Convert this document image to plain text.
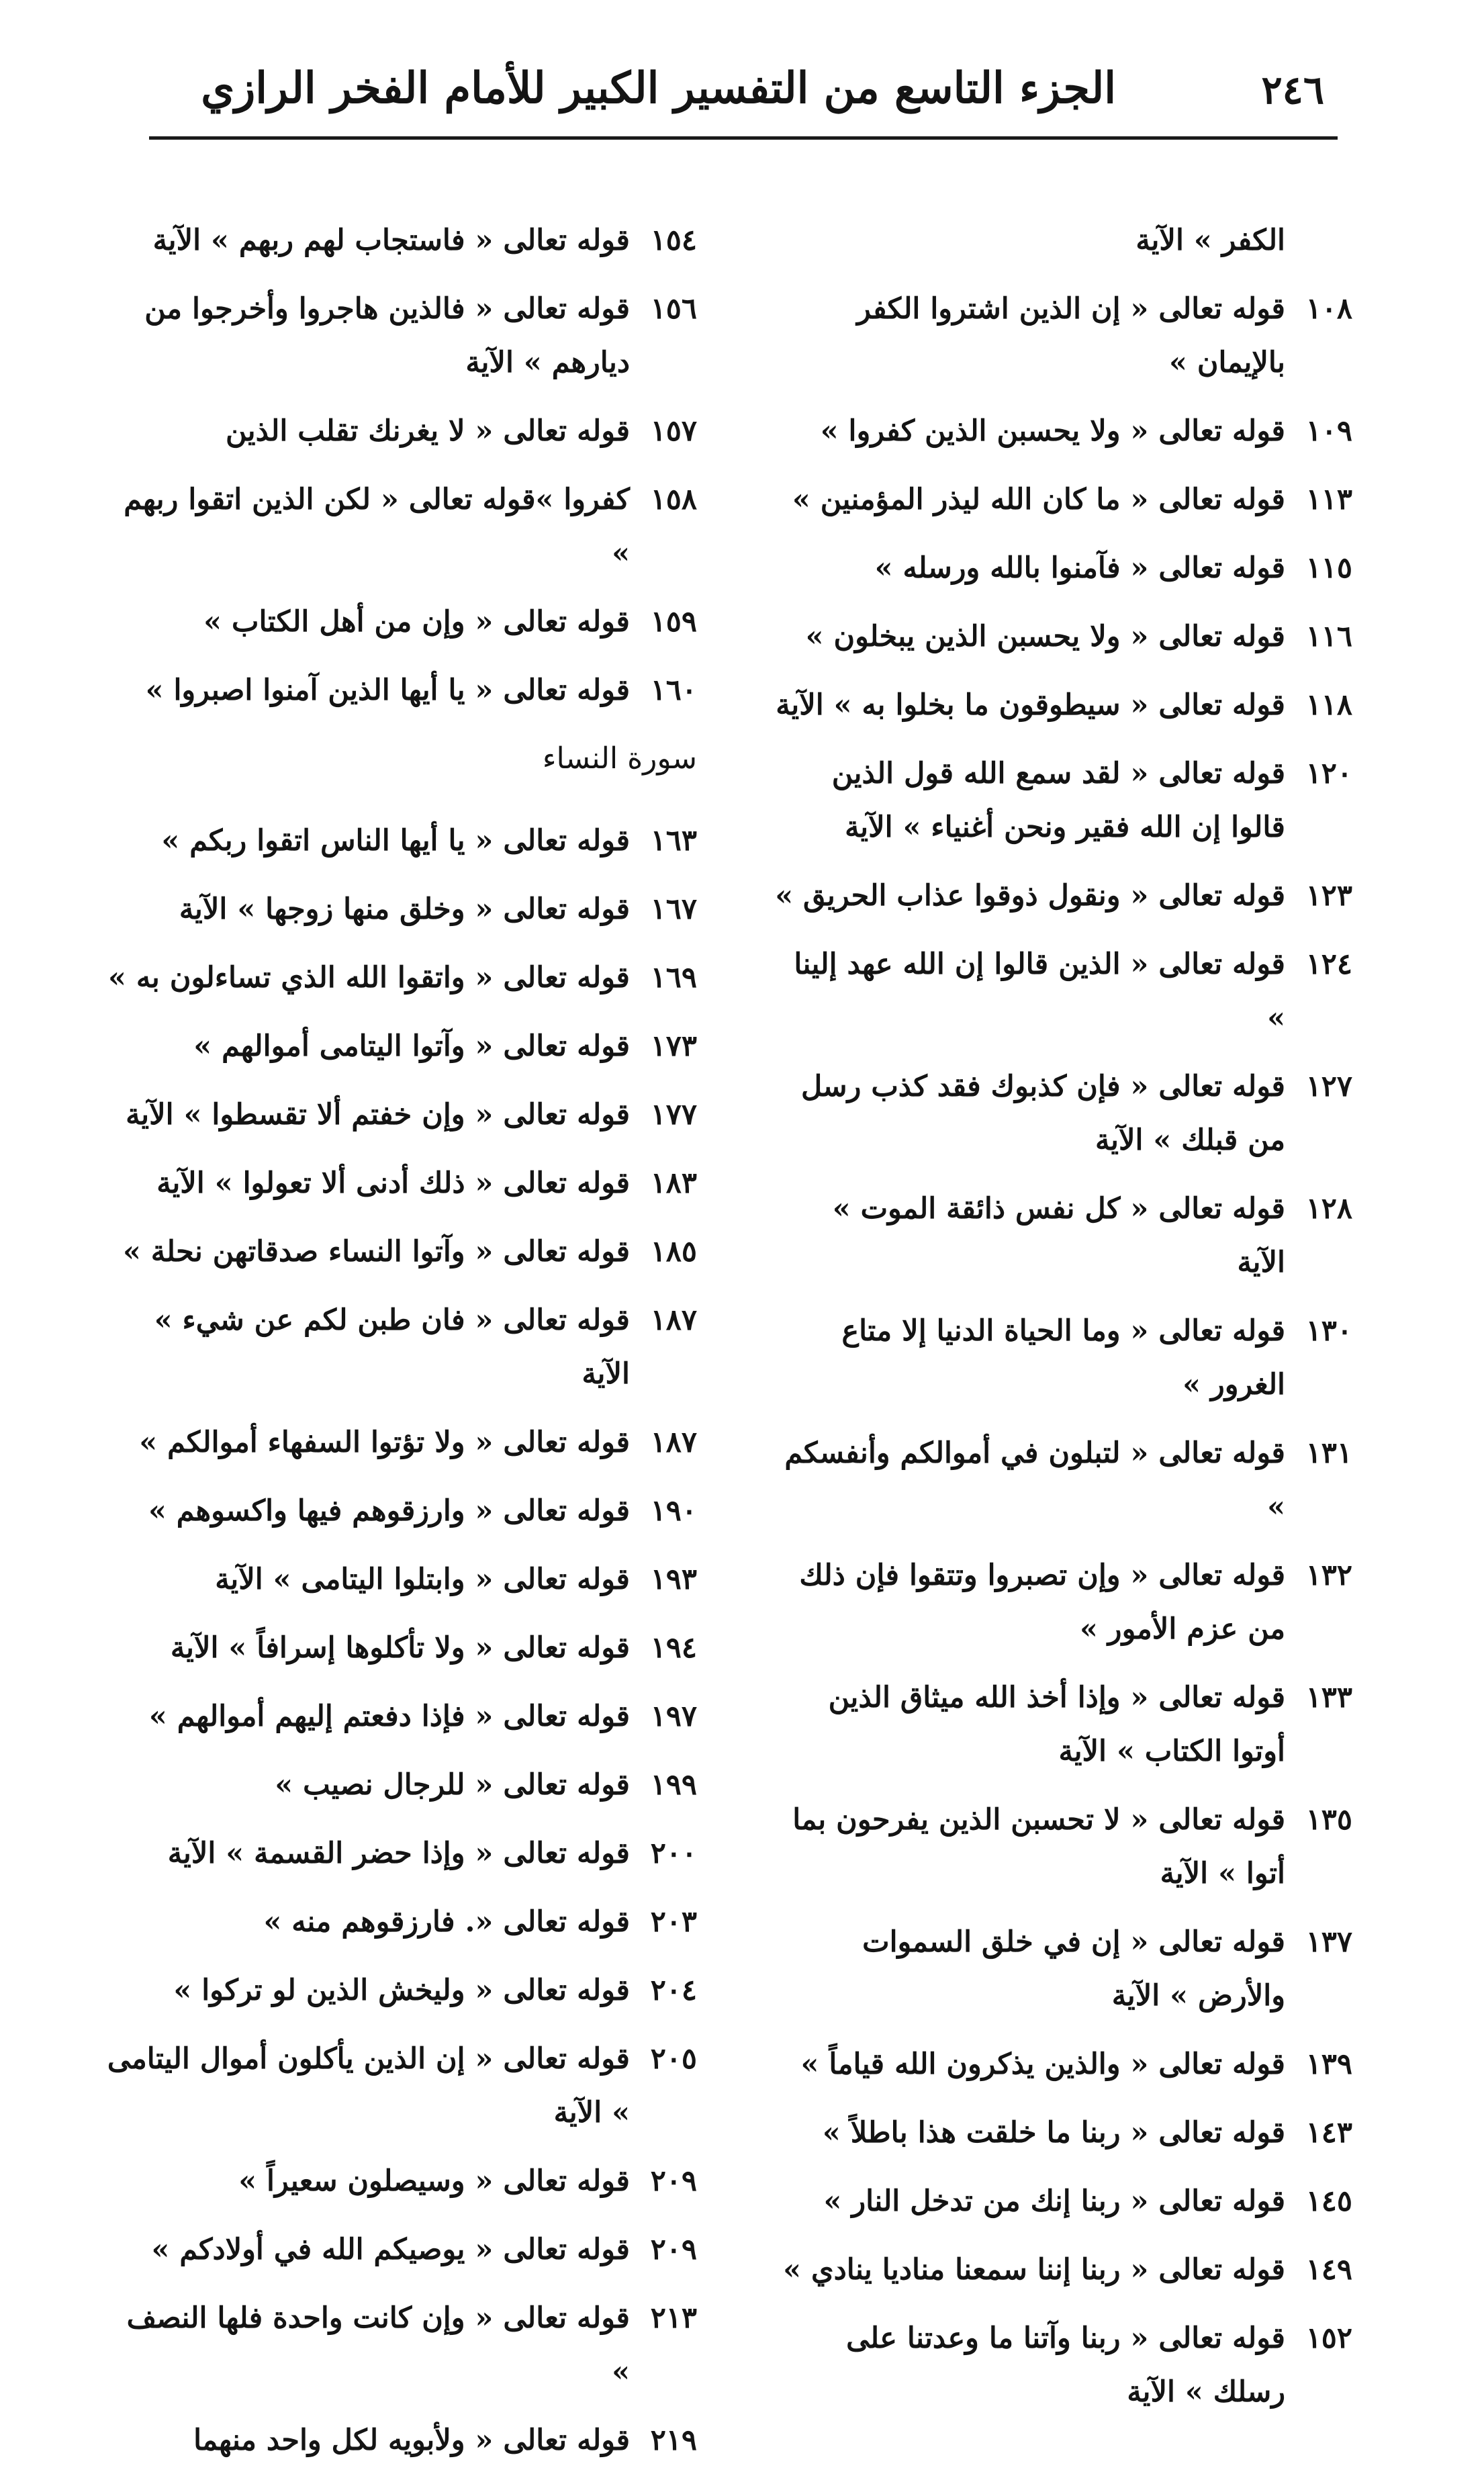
٢٤٦
الجزء التاسع من التفسير الكبير للأمام الفخر الرازي
الكفر » الآية
١٠٨
قوله تعالى « إن الذين اشتروا الكفر بالإيمان »
١٠٩
قوله تعالى « ولا يحسبن الذين كفروا »
١١٣
قوله تعالى « ما كان الله ليذر المؤمنين »
١١٥
قوله تعالى « فآمنوا بالله ورسله »
١١٦
قوله تعالى « ولا يحسبن الذين يبخلون »
١١٨
قوله تعالى « سيطوقون ما بخلوا به » الآية
١٢٠
قوله تعالى « لقد سمع الله قول الذين قالوا إن الله فقير ونحن أغنياء » الآية
١٢٣
قوله تعالى « ونقول ذوقوا عذاب الحريق »
١٢٤
قوله تعالى « الذين قالوا إن الله عهد إلينا »
١٢٧
قوله تعالى « فإن كذبوك فقد كذب رسل من قبلك » الآية
١٢٨
قوله تعالى « كل نفس ذائقة الموت » الآية
١٣٠
قوله تعالى « وما الحياة الدنيا إلا متاع الغرور »
١٣١
قوله تعالى « لتبلون في أموالكم وأنفسكم »
١٣٢
قوله تعالى « وإن تصبروا وتتقوا فإن ذلك من عزم الأمور »
١٣٣
قوله تعالى « وإذا أخذ الله ميثاق الذين أوتوا الكتاب » الآية
١٣٥
قوله تعالى « لا تحسبن الذين يفرحون بما أتوا » الآية
١٣٧
قوله تعالى « إن في خلق السموات والأرض » الآية
١٣٩
قوله تعالى « والذين يذكرون الله قياماً »
١٤٣
قوله تعالى « ربنا ما خلقت هذا باطلاً »
١٤٥
قوله تعالى « ربنا إنك من تدخل النار »
١٤٩
قوله تعالى « ربنا إننا سمعنا مناديا ينادي »
١٥٢
قوله تعالى « ربنا وآتنا ما وعدتنا على رسلك » الآية
١٥٤
قوله تعالى « فاستجاب لهم ربهم » الآية
١٥٦
قوله تعالى « فالذين هاجروا وأخرجوا من ديارهم » الآية
١٥٧
قوله تعالى « لا يغرنك تقلب الذين
١٥٨
كفروا »قوله تعالى « لكن الذين اتقوا ربهم »
١٥٩
قوله تعالى « وإن من أهل الكتاب »
١٦٠
قوله تعالى « يا أيها الذين آمنوا اصبروا »
سورة النساء
١٦٣
قوله تعالى « يا أيها الناس اتقوا ربكم »
١٦٧
قوله تعالى « وخلق منها زوجها » الآية
١٦٩
قوله تعالى « واتقوا الله الذي تساءلون به »
١٧٣
قوله تعالى « وآتوا اليتامى أموالهم »
١٧٧
قوله تعالى « وإن خفتم ألا تقسطوا » الآية
١٨٣
قوله تعالى « ذلك أدنى ألا تعولوا » الآية
١٨٥
قوله تعالى « وآتوا النساء صدقاتهن نحلة »
١٨٧
قوله تعالى « فان طبن لكم عن شيء » الآية
١٨٧
قوله تعالى « ولا تؤتوا السفهاء أموالكم »
١٩٠
قوله تعالى « وارزقوهم فيها واكسوهم »
١٩٣
قوله تعالى « وابتلوا اليتامى » الآية
١٩٤
قوله تعالى « ولا تأكلوها إسرافاً » الآية
١٩٧
قوله تعالى « فإذا دفعتم إليهم أموالهم »
١٩٩
قوله تعالى « للرجال نصيب »
٢٠٠
قوله تعالى « وإذا حضر القسمة » الآية
٢٠٣
قوله تعالى «. فارزقوهم منه »
٢٠٤
قوله تعالى « وليخش الذين لو تركوا »
٢٠٥
قوله تعالى « إن الذين يأكلون أموال اليتامى » الآية
٢٠٩
قوله تعالى « وسيصلون سعيراً »
٢٠٩
قوله تعالى « يوصيكم الله في أولادكم »
٢١٣
قوله تعالى « وإن كانت واحدة فلها النصف »
٢١٩
قوله تعالى « ولأبويه لكل واحد منهما
